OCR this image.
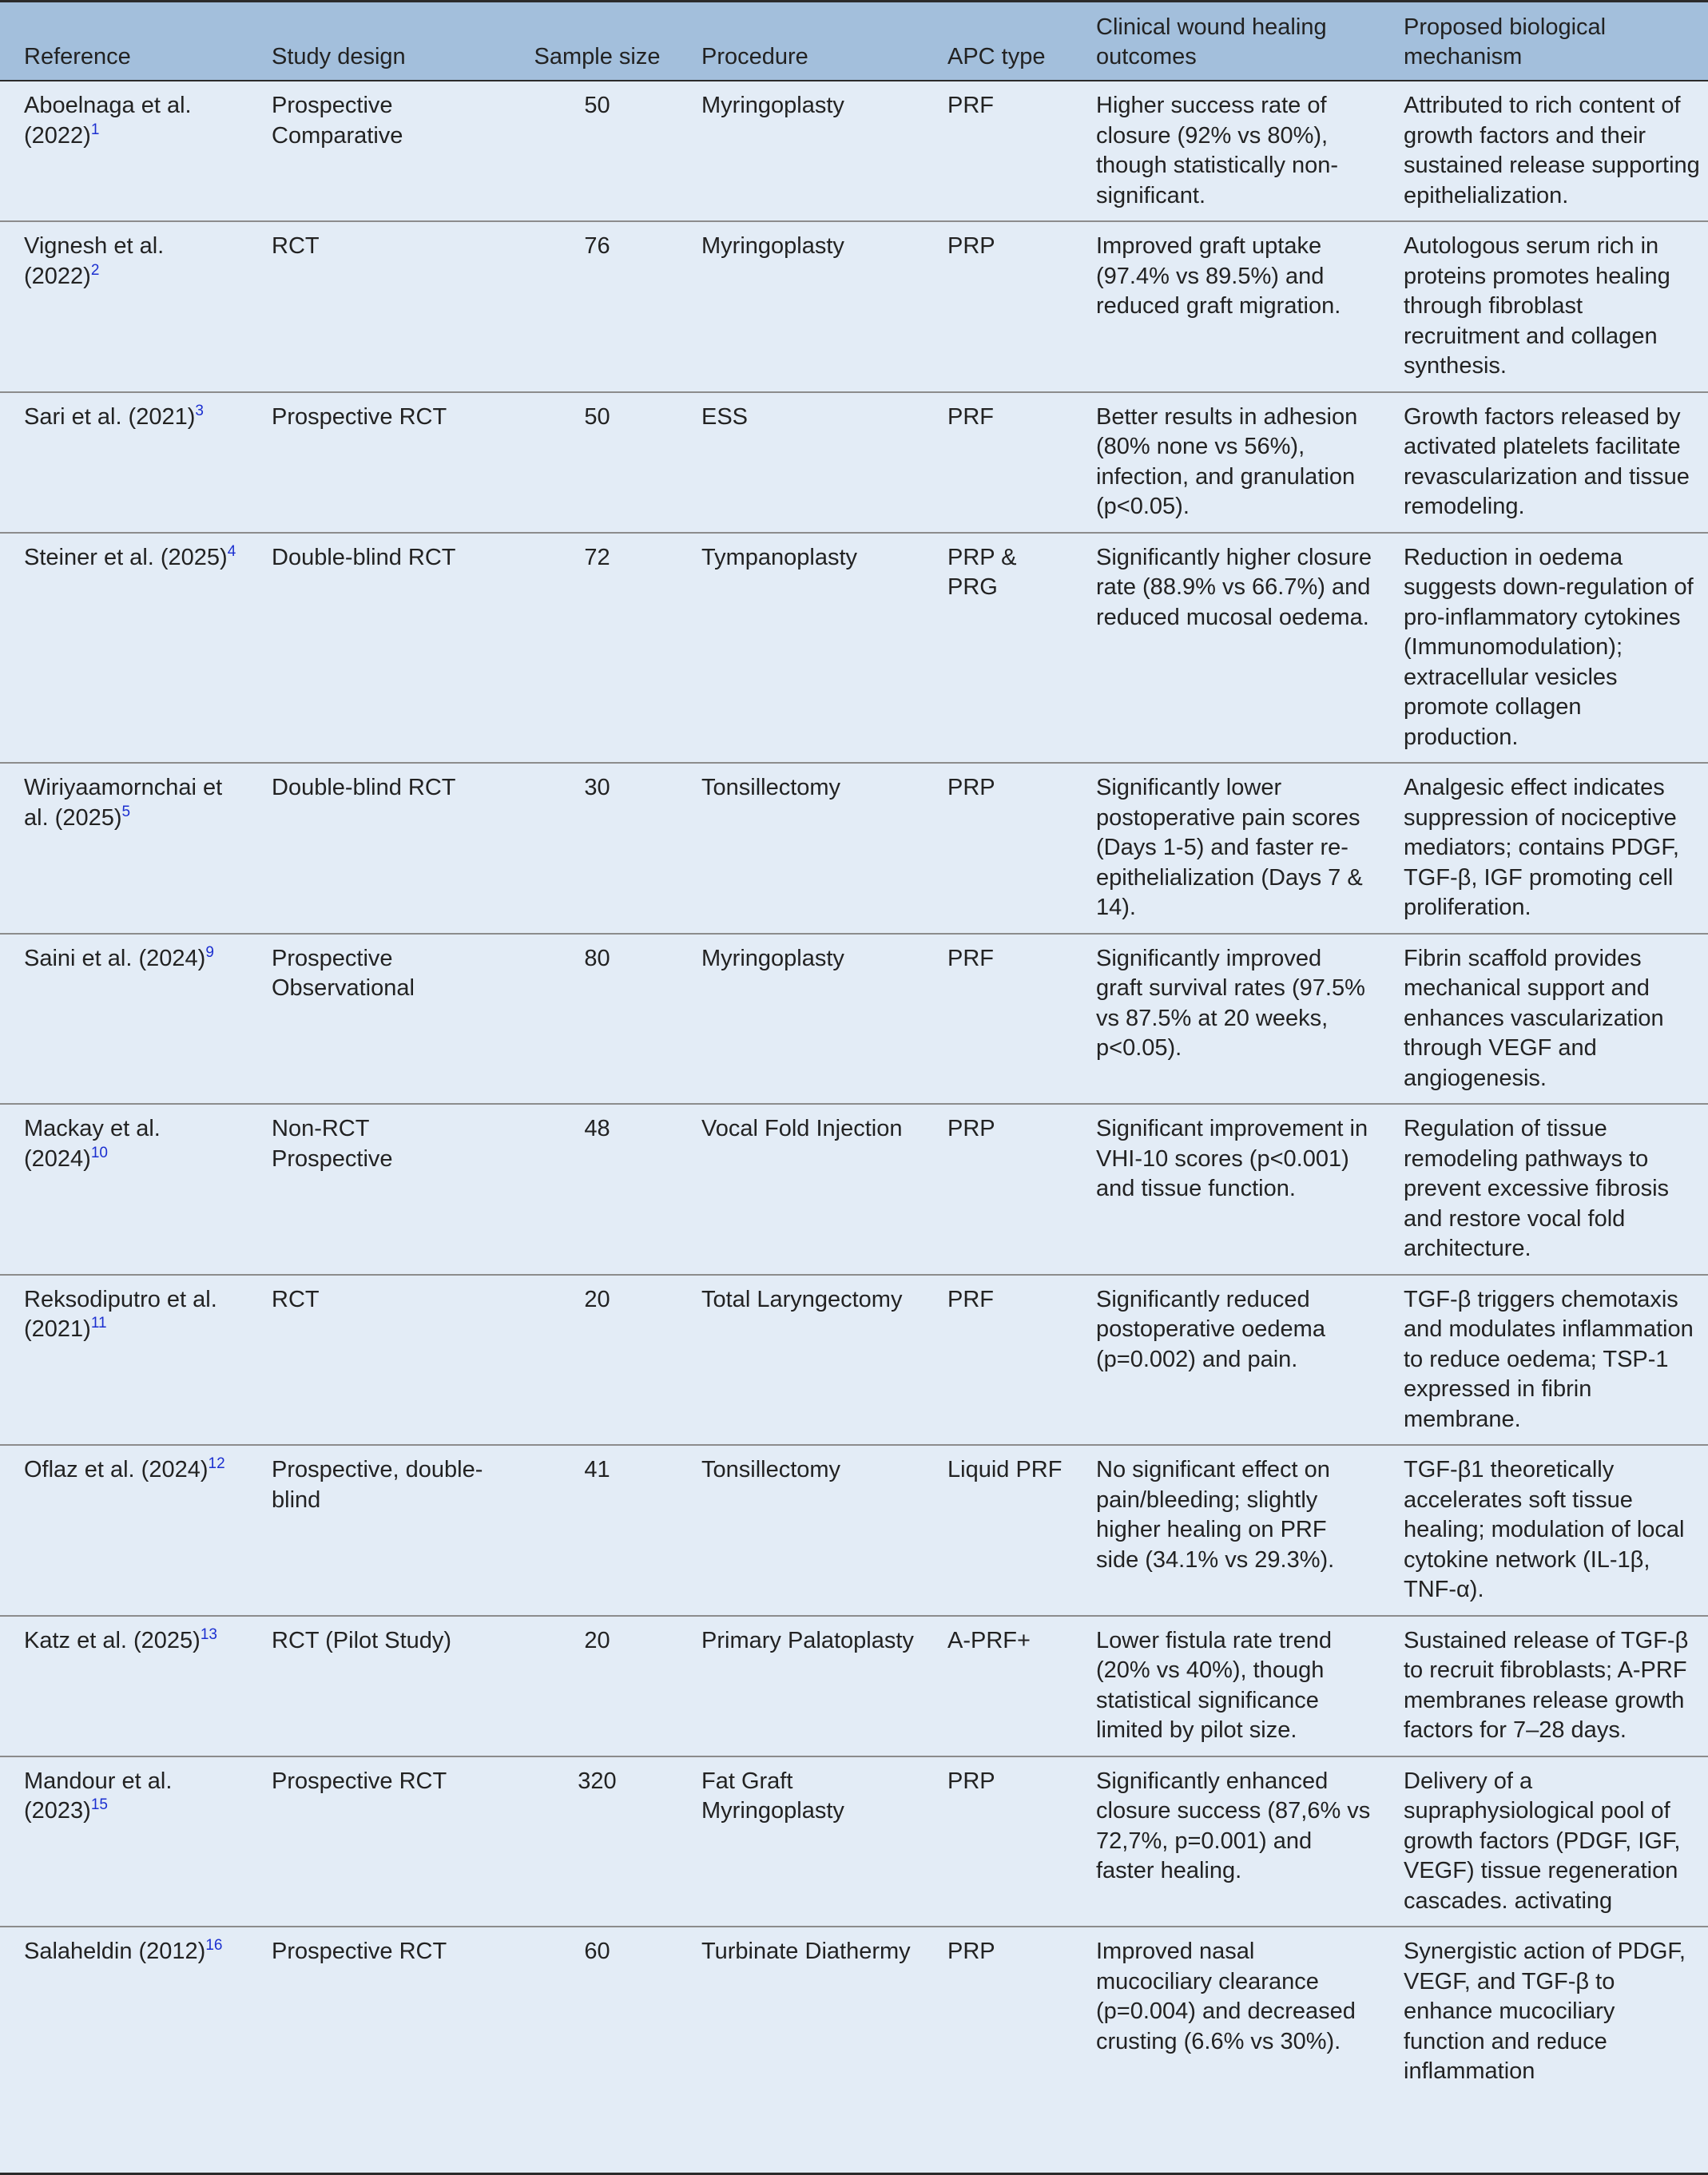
Reference	Study design	Sample size	Procedure	APC type	Clinical wound healing outcomes	Proposed biological mechanism
Aboelnaga et al. $(2022)^1$	Prospective Comparative	50	Myringoplasty	PRF	Higher success rate of closure (92% vs 80%), though statistically non-significant.	Attributed to rich content of growth factors and their sustained release supporting epithelialization.
Vignesh et al. $(2022)^2$	RCT	76	Myringoplasty	PRP	Improved graft uptake (97.4% vs 89.5%) and reduced graft migration.	Autologous serum rich in proteins promotes healing through fibroblast recruitment and collagen synthesis.
Sari et al. $(2021)^3$	Prospective RCT	50	ESS	PRF	Better results in adhesion (80% none vs 56%), infection, and granulation (p<0.05).	Growth factors released by activated platelets facilitate revascularization and tissue remodeling.
Steiner et al. $(2025)^4$	Double-blind RCT	72	Tympanoplasty	PRP & PRG	Significantly higher closure rate (88.9% vs 66.7%) and reduced mucosal oedema.	Reduction in oedema suggests down-regulation of pro-inflammatory cytokines (Immunomodulation); extracellular vesicles promote collagen production.
Wiriyaamornchai et al. $(2025)^5$	Double-blind RCT	30	Tonsillectomy	PRP	Significantly lower postoperative pain scores (Days 1-5) and faster re-epithelialization (Days 7 & 14).	Analgesic effect indicates suppression of nociceptive mediators; contains PDGF, TGF-β, IGF promoting cell proliferation.
Saini et al. $(2024)^9$	Prospective Observational	80	Myringoplasty	PRF	Significantly improved graft survival rates (97.5% vs 87.5% at 20 weeks, p<0.05).	Fibrin scaffold provides mechanical support and enhances vascularization through VEGF and angiogenesis.
Mackay et al. $(2024)^{10}$	Non-RCT Prospective	48	Vocal Fold Injection	PRP	Significant improvement in VHI-10 scores (p<0.001) and tissue function.	Regulation of tissue remodeling pathways to prevent excessive fibrosis and restore vocal fold architecture.
Reksodiputro et al. $(2021)^{11}$	RCT	20	Total Laryngectomy	PRF	Significantly reduced postoperative oedema (p=0.002) and pain.	TGF-β triggers chemotaxis and modulates inflammation to reduce oedema; TSP-1 expressed in fibrin membrane.
Oflaz et al. $(2024)^{12}$	Prospective, double-blind	41	Tonsillectomy	Liquid PRF	No significant effect on pain/bleeding; slightly higher healing on PRF side (34.1% vs 29.3%).	TGF-β1 theoretically accelerates soft tissue healing; modulation of local cytokine network (IL-1β, TNF-α).
Katz et al. $(2025)^{13}$	RCT (Pilot Study)	20	Primary Palatoplasty	A-PRF+	Lower fistula rate trend (20% vs 40%), though statistical significance limited by pilot size.	Sustained release of TGF-β to recruit fibroblasts; A-PRF membranes release growth factors for 7–28 days.
Mandour et al. $(2023)^{15}$	Prospective RCT	320	Fat Graft Myringoplasty	PRP	Significantly enhanced closure success (87,6% vs 72,7%, p=0.001) and faster healing.	Delivery of a supraphysiological pool of growth factors (PDGF, IGF, VEGF) tissue regeneration cascades. activating
Salaheldin $(2012)^{16}$	Prospective RCT	60	Turbinate Diathermy	PRP	Improved nasal mucociliary clearance (p=0.004) and decreased crusting (6.6% vs 30%).	Synergistic action of PDGF, VEGF, and TGF-β to enhance mucociliary function and reduce inflammation
